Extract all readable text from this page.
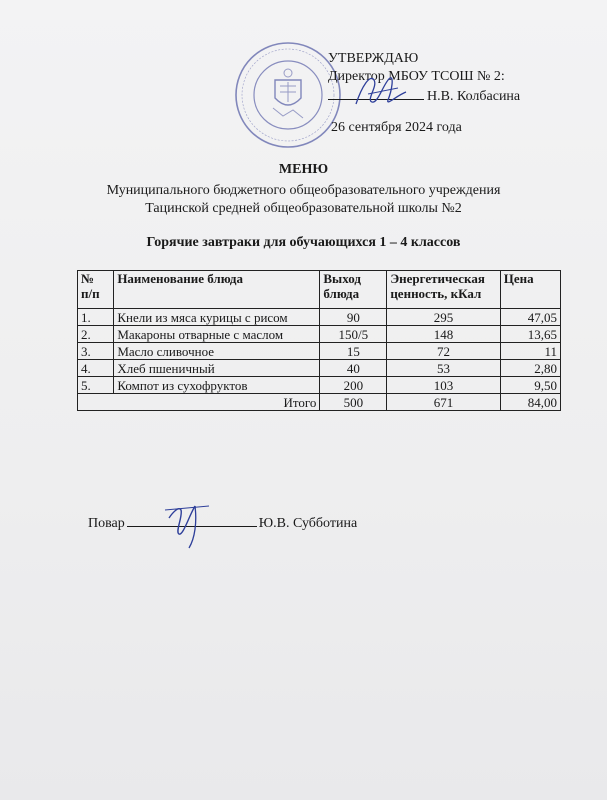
УТВЕРЖДАЮ
Директор МБОУ ТСОШ № 2:
Н.В. Колбасина
26 сентября 2024 года
МЕНЮ
Муниципального бюджетного общеобразовательного учреждения
Тацинской средней общеобразовательной школы №2
Горячие завтраки для обучающихся 1 – 4 классов
№ п/п	Наименование блюда	Выход блюда	Энергетическая ценность, кКал	Цена
1.	Кнели из мяса курицы с рисом	90	295	47,05
2.	Макароны отварные с маслом	150/5	148	13,65
3.	Масло сливочное	15	72	11
4.	Хлеб пшеничный	40	53	2,80
5.	Компот из сухофруктов	200	103	9,50
Итого		500	671	84,00
Повар	Ю.В. Субботина
